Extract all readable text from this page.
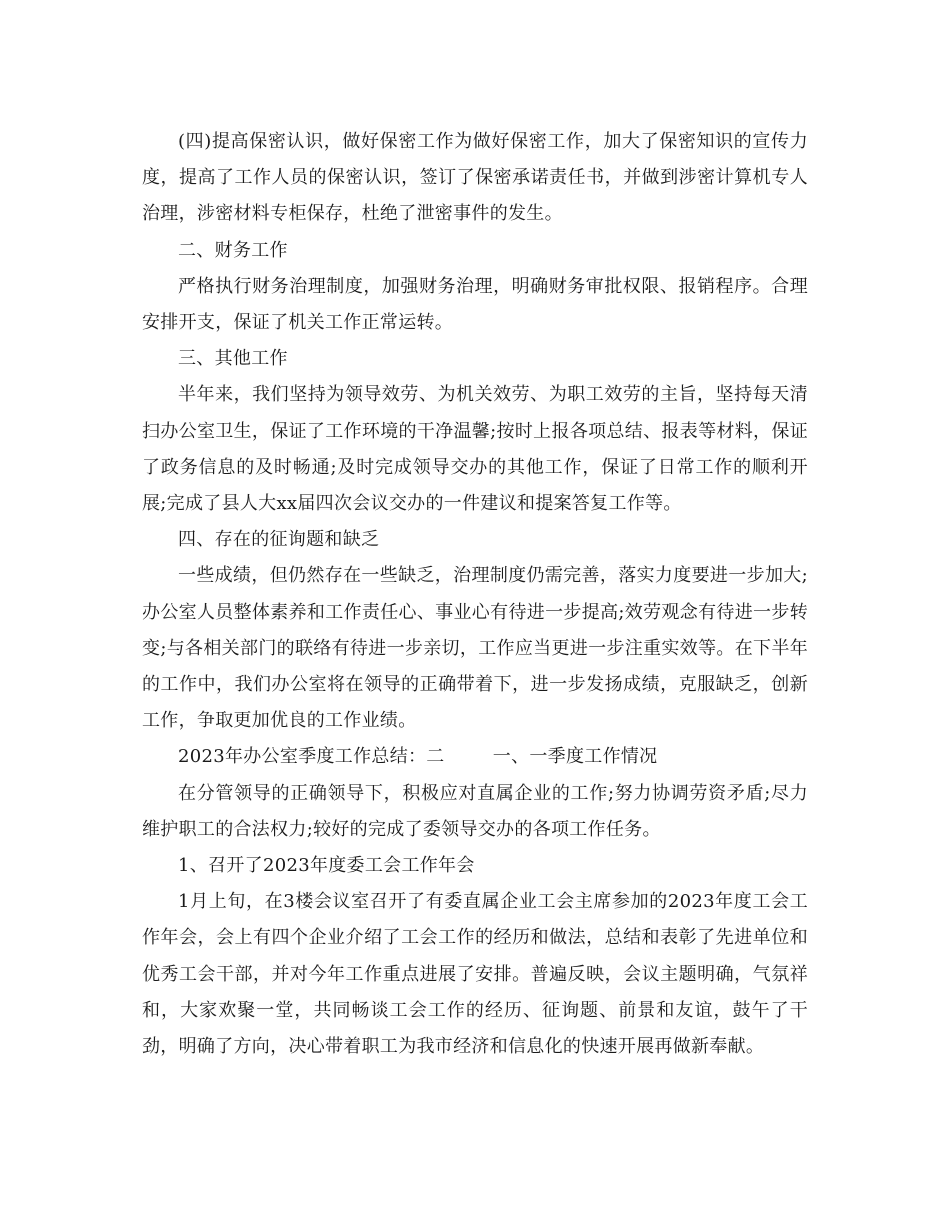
(四)提高保密认识，做好保密工作为做好保密工作，加大了保密知识的宣传力度，提高了工作人员的保密认识，签订了保密承诺责任书，并做到涉密计算机专人治理，涉密材料专柜保存，杜绝了泄密事件的发生。

二、财务工作

严格执行财务治理制度，加强财务治理，明确财务审批权限、报销程序。合理安排开支，保证了机关工作正常运转。

三、其他工作

半年来，我们坚持为领导效劳、为机关效劳、为职工效劳的主旨，坚持每天清扫办公室卫生，保证了工作环境的干净温馨;按时上报各项总结、报表等材料，保证了政务信息的及时畅通;及时完成领导交办的其他工作，保证了日常工作的顺利开展;完成了县人大xx届四次会议交办的一件建议和提案答复工作等。

四、存在的征询题和缺乏

一些成绩，但仍然存在一些缺乏，治理制度仍需完善，落实力度要进一步加大;办公室人员整体素养和工作责任心、事业心有待进一步提高;效劳观念有待进一步转变;与各相关部门的联络有待进一步亲切，工作应当更进一步注重实效等。在下半年的工作中，我们办公室将在领导的正确带着下，进一步发扬成绩，克服缺乏，创新工作，争取更加优良的工作业绩。

2023年办公室季度工作总结：二        一、一季度工作情况

在分管领导的正确领导下，积极应对直属企业的工作;努力协调劳资矛盾;尽力维护职工的合法权力;较好的完成了委领导交办的各项工作任务。

1、召开了2023年度委工会工作年会

1月上旬，在3楼会议室召开了有委直属企业工会主席参加的2023年度工会工作年会，会上有四个企业介绍了工会工作的经历和做法，总结和表彰了先进单位和优秀工会干部，并对今年工作重点进展了安排。普遍反映，会议主题明确，气氛祥和，大家欢聚一堂，共同畅谈工会工作的经历、征询题、前景和友谊，鼓午了干劲，明确了方向，决心带着职工为我市经济和信息化的快速开展再做新奉献。
